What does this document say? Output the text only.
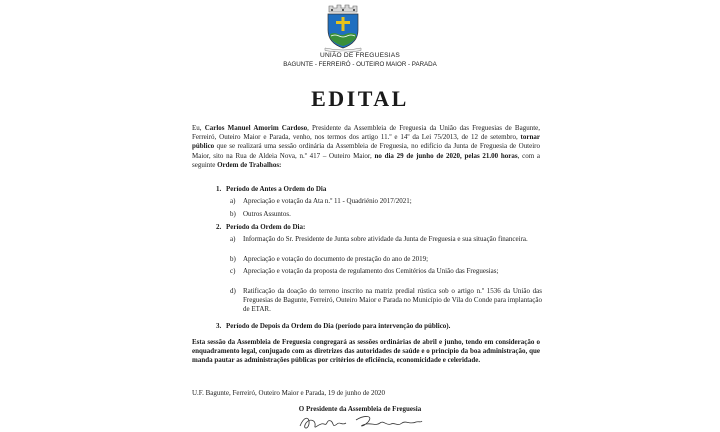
UNIÃO DE FREGUESIAS
BAGUNTE - FERREIRÓ - OUTEIRO MAIOR - PARADA
EDITAL

Eu, Carlos Manuel Amorim Cardoso, Presidente da Assembleia de Freguesia da União das Freguesias de Bagunte, Ferreiró, Outeiro Maior e Parada, venho, nos termos dos artigo 11.º e 14º da Lei 75/2013, de 12 de setembro, tornar público que se realizará uma sessão ordinária da Assembleia de Freguesia, no edifício da Junta de Freguesia de Outeiro Maior, sito na Rua de Aldeia Nova, n.º 417 – Outeiro Maior, no dia 29 de junho de 2020, pelas 21.00 horas, com a seguinte Ordem de Trabalhos:

1. Período de Antes a Ordem do Dia
a) Apreciação e votação da Ata n.º 11 - Quadriénio 2017/2021;
b) Outros Assuntos.
2. Período da Ordem do Dia:
a) Informação do Sr. Presidente de Junta sobre atividade da Junta de Freguesia e sua situação financeira.
b) Apreciação e votação do documento de prestação do ano de 2019;
c) Apreciação e votação da proposta de regulamento dos Cemitérios da União das Freguesias;
d) Ratificação da doação do terreno inscrito na matriz predial rústica sob o artigo n.º 1536 da União das Freguesias de Bagunte, Ferreiró, Outeiro Maior e Parada no Município de Vila do Conde para implantação de ETAR.
3. Período de Depois da Ordem do Dia (período para intervenção do público).

Esta sessão da Assembleia de Freguesia congregará as sessões ordinárias de abril e junho, tendo em consideração o enquadramento legal, conjugado com as diretrizes das autoridades de saúde e o princípio da boa administração, que manda pautar as administrações públicas por critérios de eficiência, economicidade e celeridade.

U.F. Bagunte, Ferreiró, Outeiro Maior e Parada, 19 de junho de 2020

O Presidente da Assembleia de Freguesia
